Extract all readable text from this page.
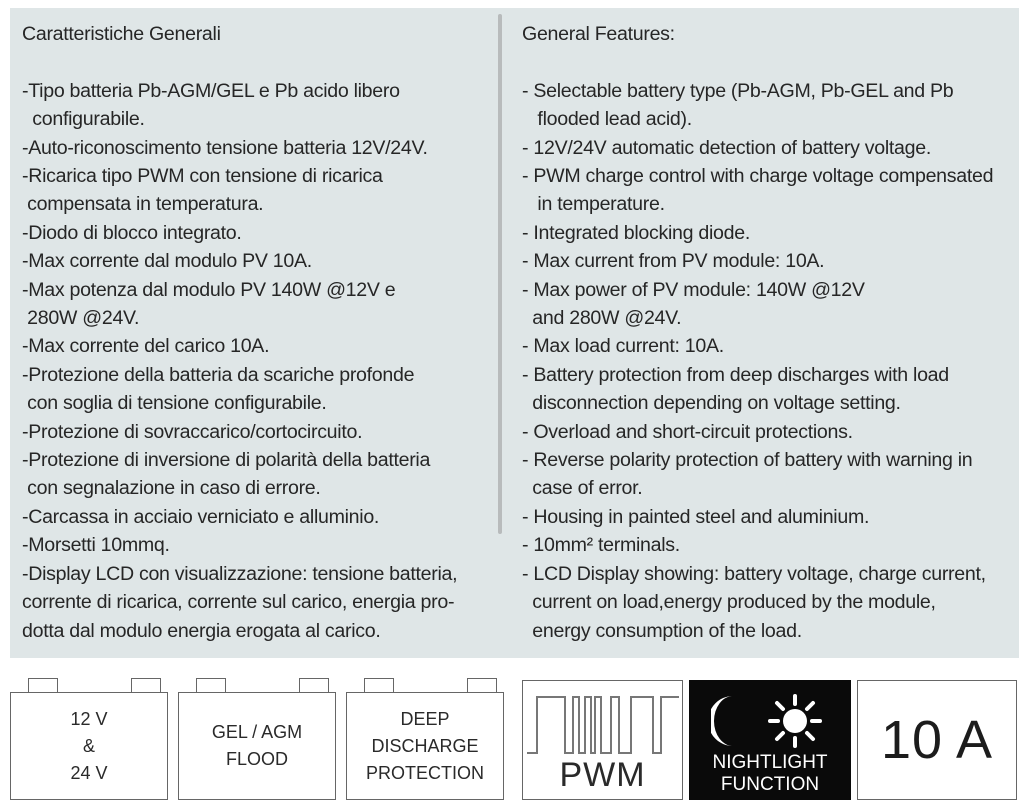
Caratteristiche Generali
-Tipo batteria Pb-AGM/GEL e Pb acido libero
configurabile.
-Auto-riconoscimento tensione batteria 12V/24V.
-Ricarica tipo PWM con tensione di ricarica
compensata in temperatura.
-Diodo di blocco integrato.
-Max corrente dal modulo PV 10A.
-Max potenza dal modulo PV 140W @12V e
280W @24V.
-Max corrente del carico 10A.
-Protezione della batteria da scariche profonde
con soglia di tensione configurabile.
-Protezione di sovraccarico/cortocircuito.
-Protezione di inversione di polarità della batteria
con segnalazione in caso di errore.
-Carcassa in acciaio verniciato e alluminio.
-Morsetti 10mmq.
-Display LCD con visualizzazione: tensione batteria,
corrente di ricarica, corrente sul carico, energia pro-
dotta dal modulo energia erogata al carico.
General Features:
- Selectable battery type (Pb-AGM, Pb-GEL and Pb
flooded lead acid).
- 12V/24V automatic detection of battery voltage.
- PWM charge control with charge voltage compensated
in temperature.
- Integrated blocking diode.
- Max current from PV module: 10A.
- Max power of PV module: 140W @12V
and 280W @24V.
- Max load current: 10A.
- Battery protection from deep discharges with load
disconnection depending on voltage setting.
- Overload and short-circuit protections.
- Reverse polarity protection of battery with warning in
case of error.
- Housing in painted steel and aluminium.
- 10mm² terminals.
- LCD Display showing: battery voltage, charge current,
current on load,energy produced by the module,
energy consumption of the load.
12 V
&
24 V
GEL / AGM
FLOOD
DEEP
DISCHARGE
PROTECTION	PWM	NIGHTLIGHT
FUNCTION
10 A
